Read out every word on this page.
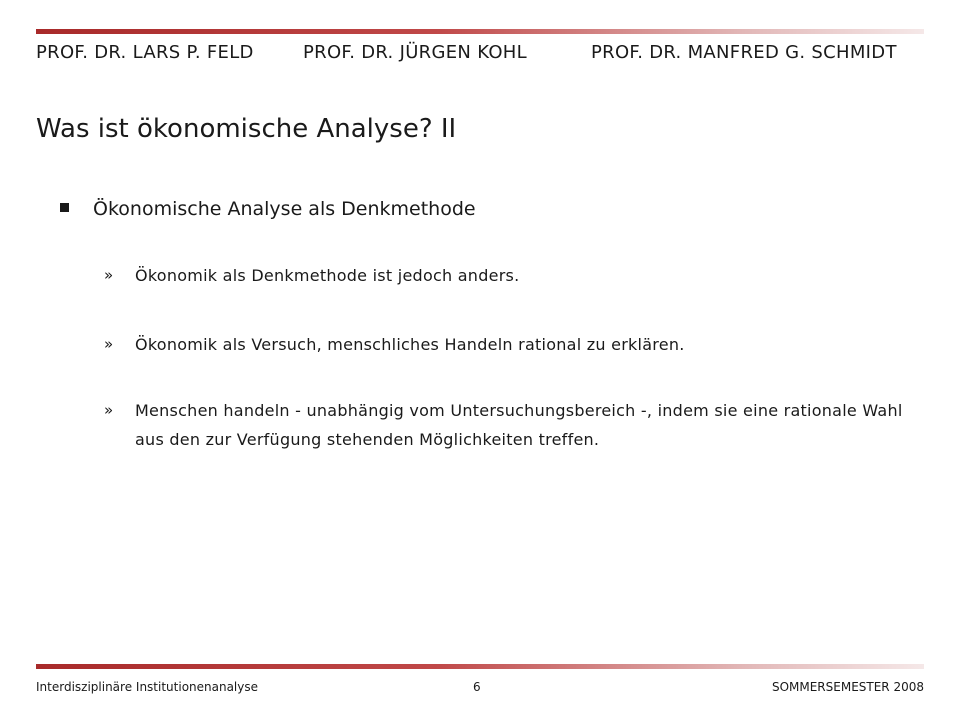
PROF. DR. LARS P. FELD	PROF. DR. JÜRGEN KOHL	PROF. DR. MANFRED G. SCHMIDT
Was ist ökonomische Analyse? II
Ökonomische Analyse als Denkmethode
» Ökonomik als Denkmethode ist jedoch anders.
» Ökonomik als Versuch, menschliches Handeln rational zu erklären.
» Menschen handeln - unabhängig vom Untersuchungsbereich -, indem sie eine rationale Wahl aus den zur Verfügung stehenden Möglichkeiten treffen.
Interdisziplinäre Institutionenanalyse	6	SOMMERSEMESTER 2008
